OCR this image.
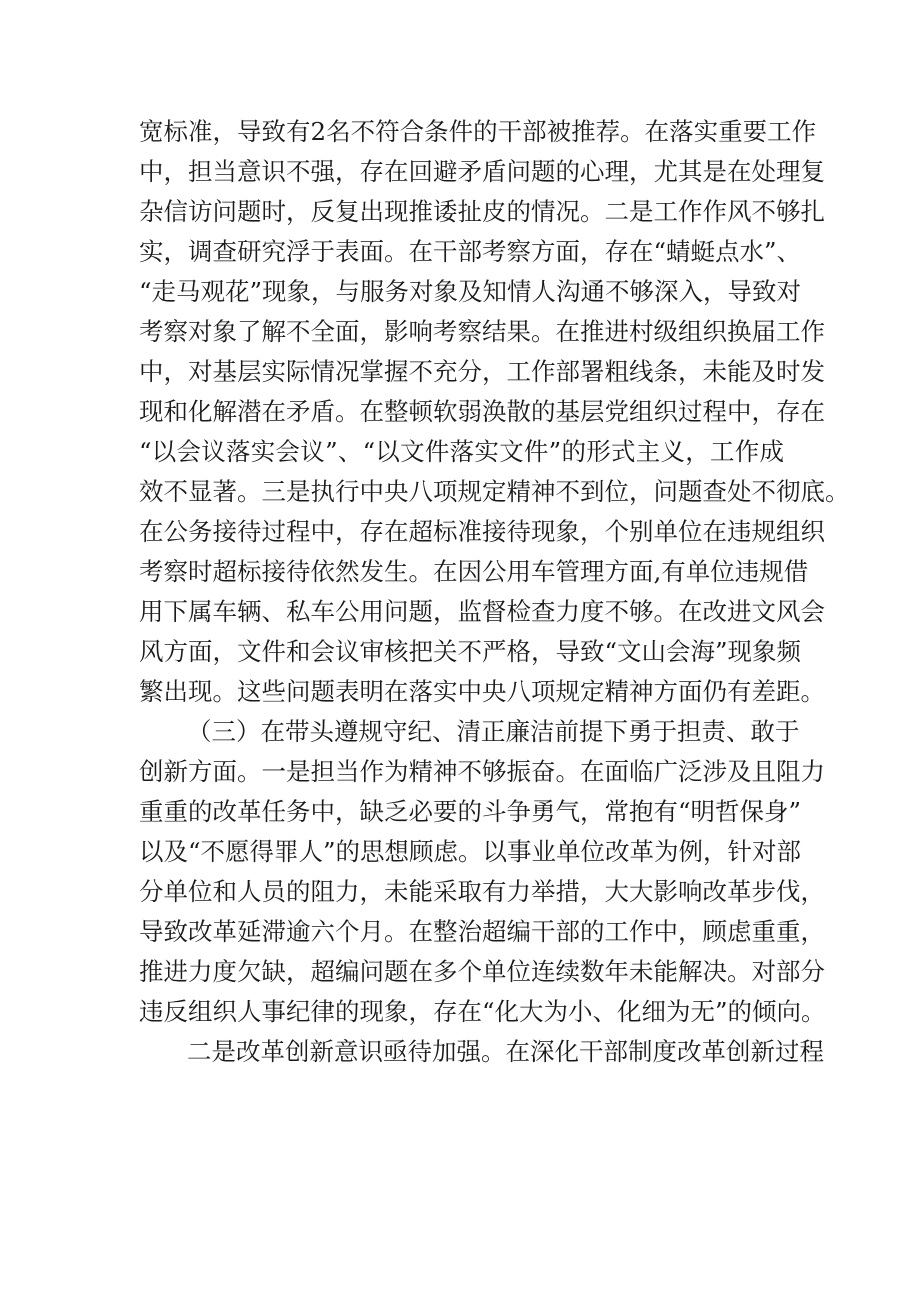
宽标准，导致有2名不符合条件的干部被推荐。在落实重要工作
中，担当意识不强，存在回避矛盾问题的心理，尤其是在处理复
杂信访问题时，反复出现推诿扯皮的情况。二是工作作风不够扎
实，调查研究浮于表面。在干部考察方面，存在“蜻蜓点水”、
“走马观花”现象，与服务对象及知情人沟通不够深入，导致对
考察对象了解不全面，影响考察结果。在推进村级组织换届工作
中，对基层实际情况掌握不充分，工作部署粗线条，未能及时发
现和化解潜在矛盾。在整顿软弱涣散的基层党组织过程中，存在
“以会议落实会议”、“以文件落实文件”的形式主义，工作成
效不显著。三是执行中央八项规定精神不到位，问题查处不彻底。
在公务接待过程中，存在超标准接待现象，个别单位在违规组织
考察时超标接待依然发生。在因公用车管理方面,有单位违规借
用下属车辆、私车公用问题，监督检查力度不够。在改进文风会
风方面，文件和会议审核把关不严格，导致“文山会海”现象频
繁出现。这些问题表明在落实中央八项规定精神方面仍有差距。
（三）在带头遵规守纪、清正廉洁前提下勇于担责、敢于
创新方面。一是担当作为精神不够振奋。在面临广泛涉及且阻力
重重的改革任务中，缺乏必要的斗争勇气，常抱有“明哲保身”
以及“不愿得罪人”的思想顾虑。以事业单位改革为例，针对部
分单位和人员的阻力，未能采取有力举措，大大影响改革步伐，
导致改革延滞逾六个月。在整治超编干部的工作中，顾虑重重，
推进力度欠缺，超编问题在多个单位连续数年未能解决。对部分
违反组织人事纪律的现象，存在“化大为小、化细为无”的倾向。
二是改革创新意识亟待加强。在深化干部制度改革创新过程
